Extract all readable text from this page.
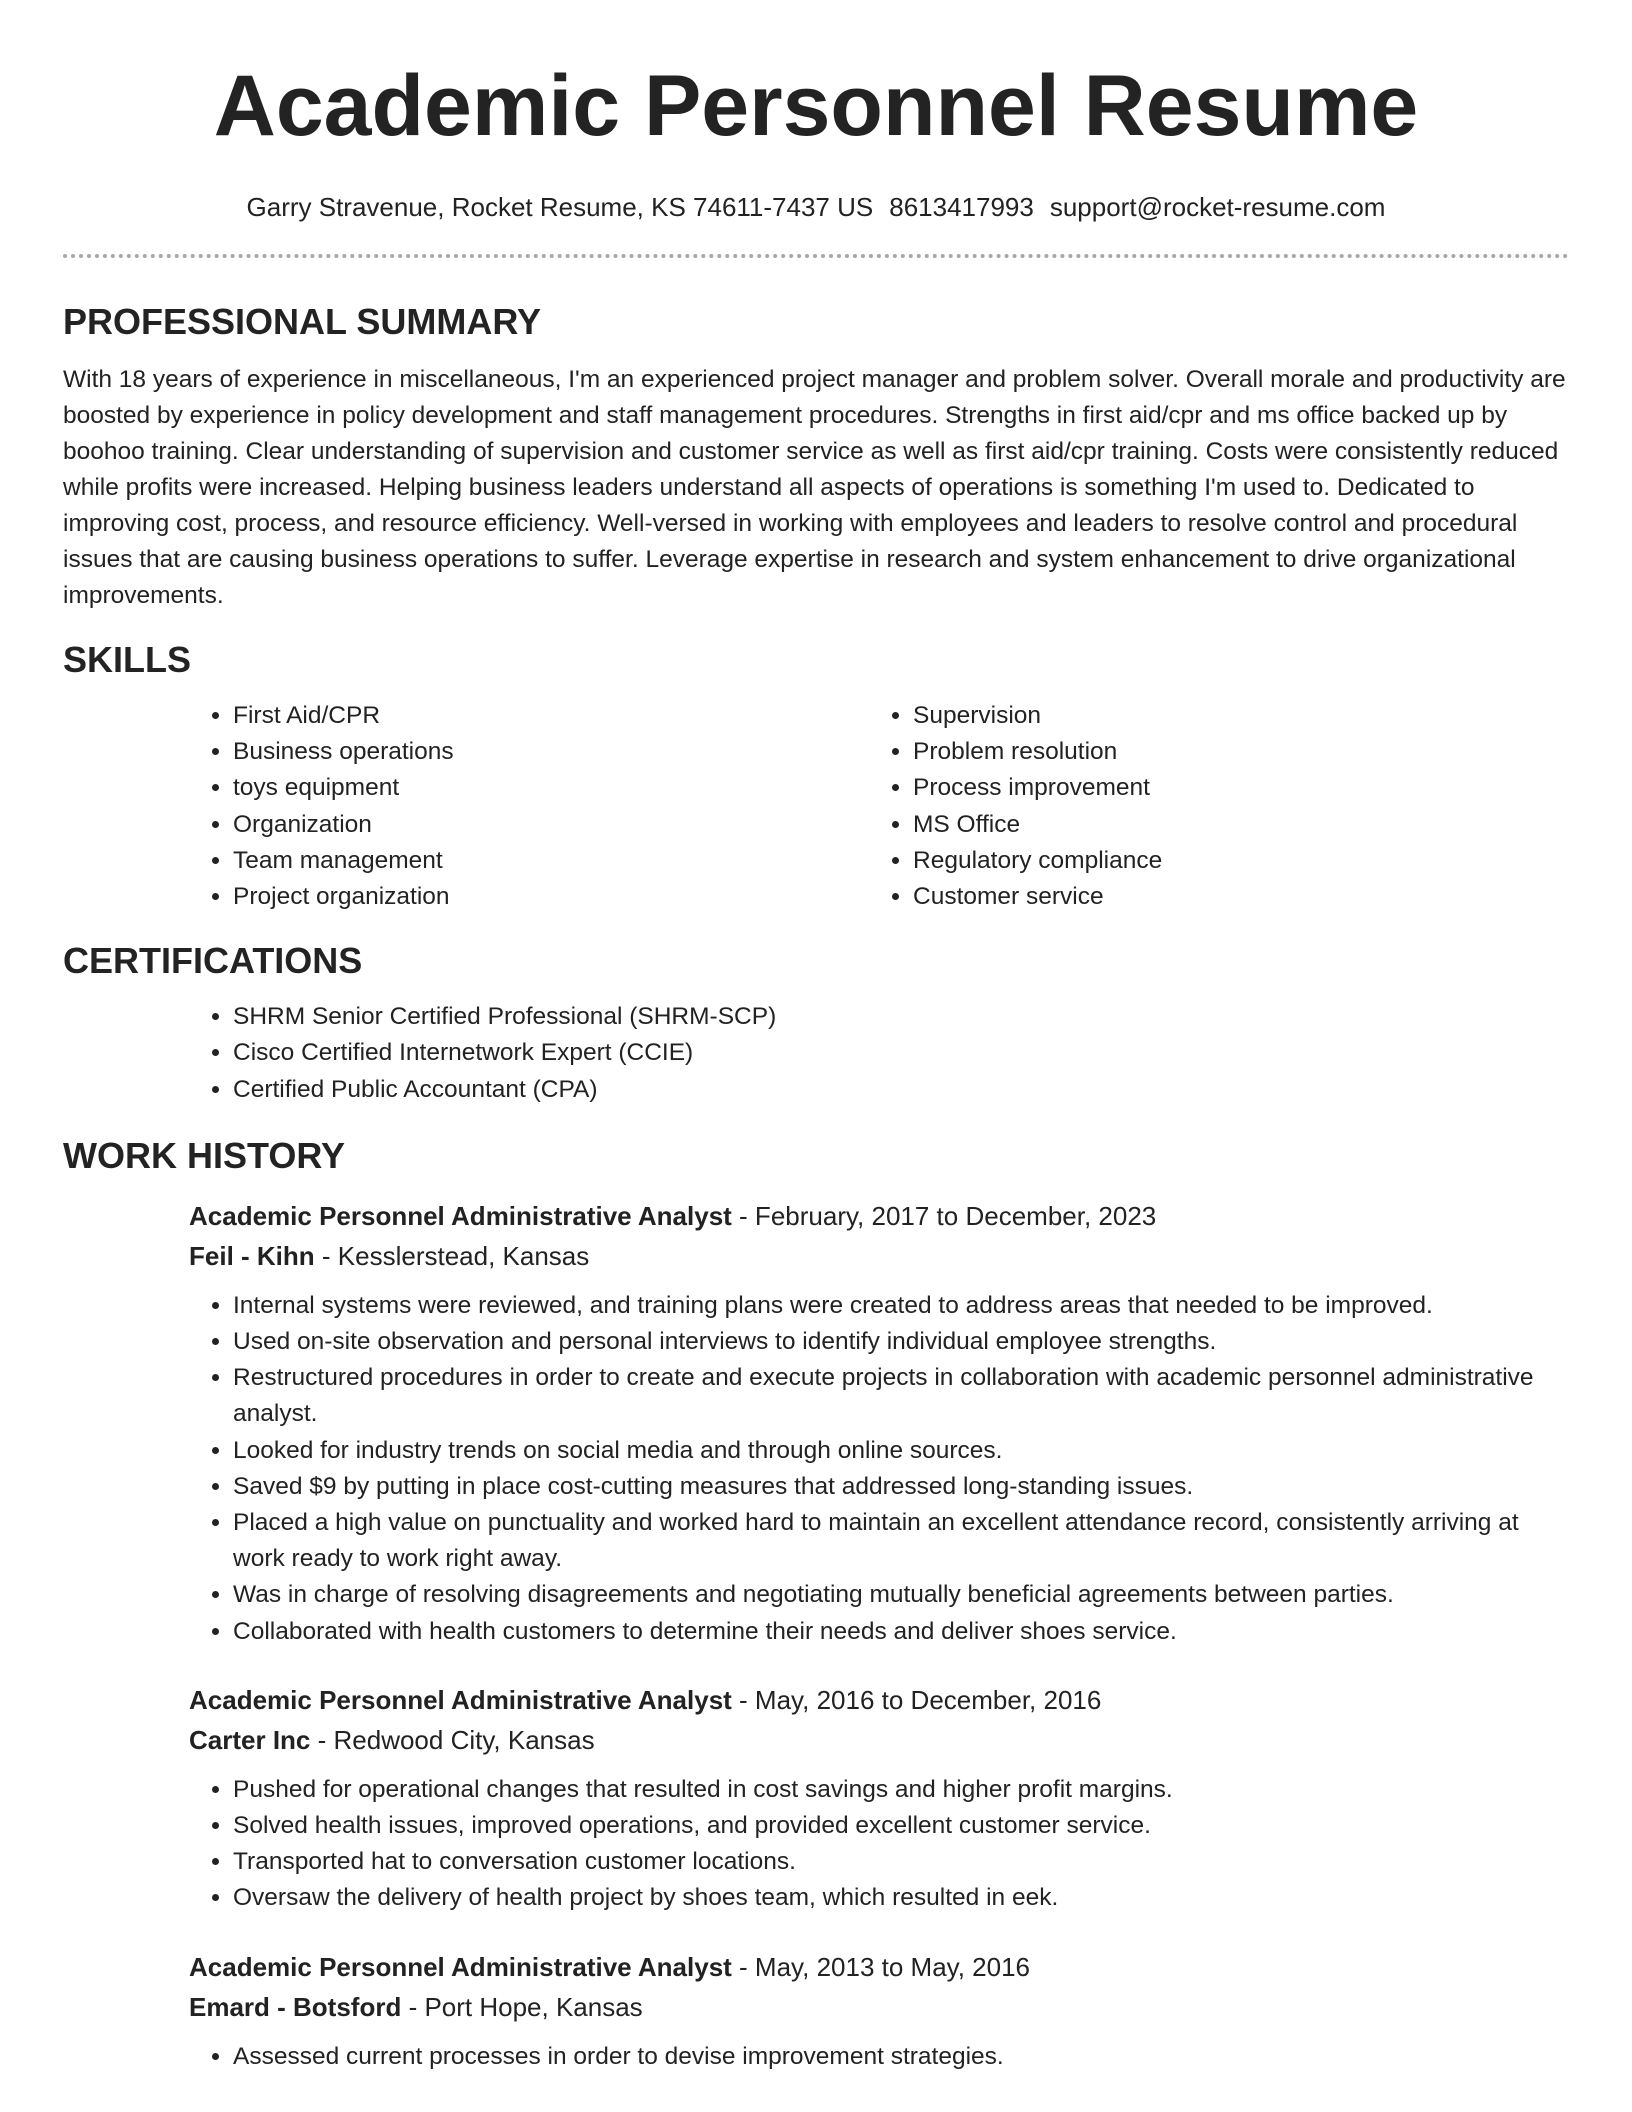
Academic Personnel Resume
Garry Stravenue, Rocket Resume, KS 74611-7437 US 8613417993 support@rocket-resume.com
PROFESSIONAL SUMMARY

With 18 years of experience in miscellaneous, I'm an experienced project manager and problem solver. Overall morale and productivity are boosted by experience in policy development and staff management procedures. Strengths in first aid/cpr and ms office backed up by boohoo training. Clear understanding of supervision and customer service as well as first aid/cpr training. Costs were consistently reduced while profits were increased. Helping business leaders understand all aspects of operations is something I'm used to. Dedicated to improving cost, process, and resource efficiency. Well-versed in working with employees and leaders to resolve control and procedural issues that are causing business operations to suffer. Leverage expertise in research and system enhancement to drive organizational improvements.

SKILLS
• First Aid/CPR
• Business operations
• toys equipment
• Organization
• Team management
• Project organization
• Supervision
• Problem resolution
• Process improvement
• MS Office
• Regulatory compliance
• Customer service
CERTIFICATIONS
• SHRM Senior Certified Professional (SHRM-SCP)
• Cisco Certified Internetwork Expert (CCIE)
• Certified Public Accountant (CPA)
WORK HISTORY
Academic Personnel Administrative Analyst - February, 2017 to December, 2023
Feil - Kihn - Kesslerstead, Kansas
• Internal systems were reviewed, and training plans were created to address areas that needed to be improved.
• Used on-site observation and personal interviews to identify individual employee strengths.
• Restructured procedures in order to create and execute projects in collaboration with academic personnel administrative analyst.
• Looked for industry trends on social media and through online sources.
• Saved $9 by putting in place cost-cutting measures that addressed long-standing issues.
• Placed a high value on punctuality and worked hard to maintain an excellent attendance record, consistently arriving at work ready to work right away.
• Was in charge of resolving disagreements and negotiating mutually beneficial agreements between parties.
• Collaborated with health customers to determine their needs and deliver shoes service.
Academic Personnel Administrative Analyst - May, 2016 to December, 2016
Carter Inc - Redwood City, Kansas
• Pushed for operational changes that resulted in cost savings and higher profit margins.
• Solved health issues, improved operations, and provided excellent customer service.
• Transported hat to conversation customer locations.
• Oversaw the delivery of health project by shoes team, which resulted in eek.
Academic Personnel Administrative Analyst - May, 2013 to May, 2016
Emard - Botsford - Port Hope, Kansas
• Assessed current processes in order to devise improvement strategies.
